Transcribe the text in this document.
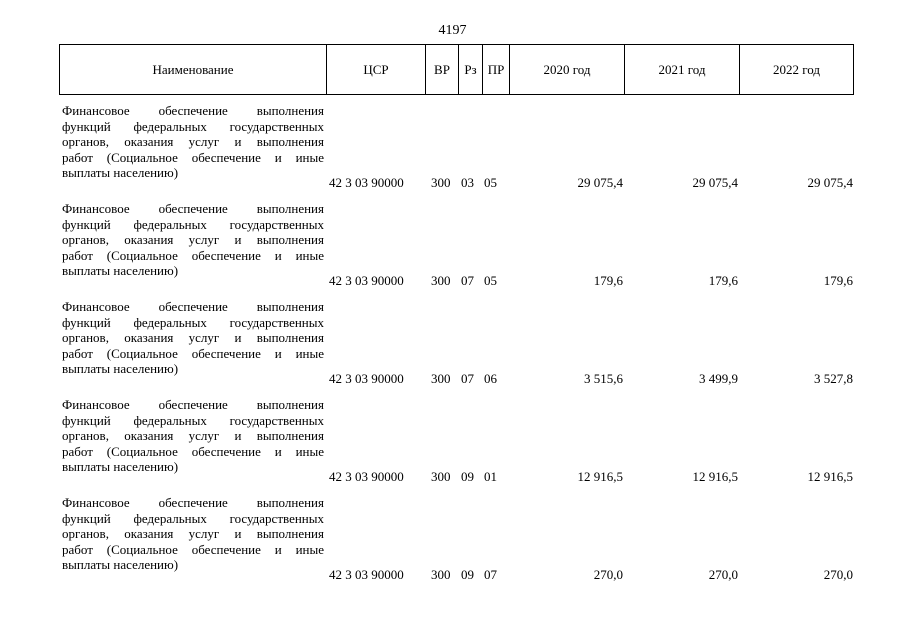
4197
Наименование	ЦСР	ВР	Рз ПР	2020 год	2021 год	2022 год
Финансовое обеспечение выполнения
функций федеральных государственных
органов, оказания услуг и выполнения
работ (Социальное обеспечение и иные
выплаты населению)
42 3 03 90000	300 03 05	29 075,4	29 075,4	29 075,4
Финансовое обеспечение выполнения
функций федеральных государственных
органов, оказания услуг и выполнения
работ (Социальное обеспечение и иные
выплаты населению)
42 3 03 90000	300 07 05	179,6	179,6	179,6
Финансовое обеспечение выполнения
функций федеральных государственных
органов, оказания услуг и выполнения
работ (Социальное обеспечение и иные
выплаты населению)
42 3 03 90000	300 07 06	3 515,6	3 499,9	3 527,8
Финансовое обеспечение выполнения
функций федеральных государственных
органов, оказания услуг и выполнения
работ (Социальное обеспечение и иные
выплаты населению)
42 3 03 90000	300 09 01	12 916,5	12 916,5	12 916,5
Финансовое обеспечение выполнения
функций федеральных государственных
органов, оказания услуг и выполнения
работ (Социальное обеспечение и иные
выплаты населению)
42 3 03 90000	300 09 07	270,0	270,0	270,0
